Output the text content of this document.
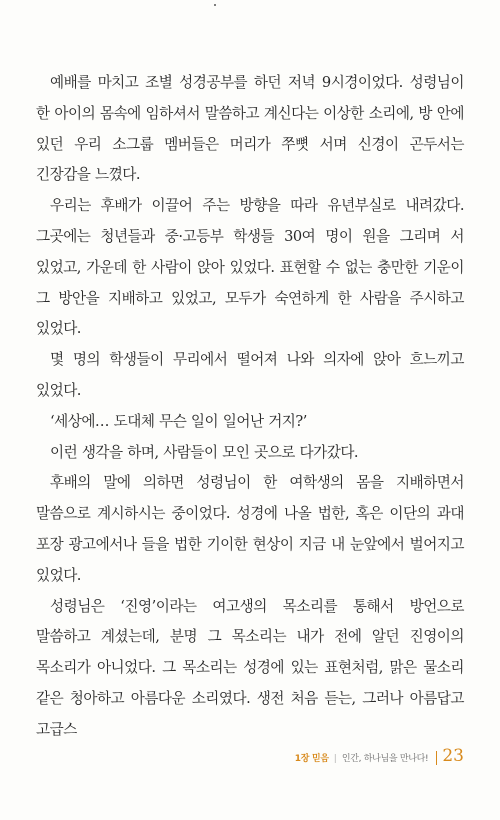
예배를 마치고 조별 성경공부를 하던 저녁 9시경이었다. 성령님이 한 아이의 몸속에 임하셔서 말씀하고 계신다는 이상한 소리에, 방 안에 있던 우리 소그룹 멤버들은 머리가 쭈뼛 서며 신경이 곤두서는 긴장감을 느꼈다.

우리는 후배가 이끌어 주는 방향을 따라 유년부실로 내려갔다. 그곳에는 청년들과 중·고등부 학생들 30여 명이 원을 그리며 서 있었고, 가운데 한 사람이 앉아 있었다. 표현할 수 없는 충만한 기운이 그 방안을 지배하고 있었고, 모두가 숙연하게 한 사람을 주시하고 있었다.

몇 명의 학생들이 무리에서 떨어져 나와 의자에 앉아 흐느끼고 있었다.

‘세상에… 도대체 무슨 일이 일어난 거지?’

이런 생각을 하며, 사람들이 모인 곳으로 다가갔다.

후배의 말에 의하면 성령님이 한 여학생의 몸을 지배하면서 말씀으로 계시하시는 중이었다. 성경에 나올 법한, 혹은 이단의 과대 포장 광고에서나 들을 법한 기이한 현상이 지금 내 눈앞에서 벌어지고 있었다.

성령님은 ‘진영’이라는 여고생의 목소리를 통해서 방언으로 말씀하고 계셨는데, 분명 그 목소리는 내가 전에 알던 진영이의 목소리가 아니었다. 그 목소리는 성경에 있는 표현처럼, 맑은 물소리 같은 청아하고 아름다운 소리였다. 생전 처음 듣는, 그러나 아름답고 고급스

1장 믿음 | 인간, 하나님을 만나다! 23
